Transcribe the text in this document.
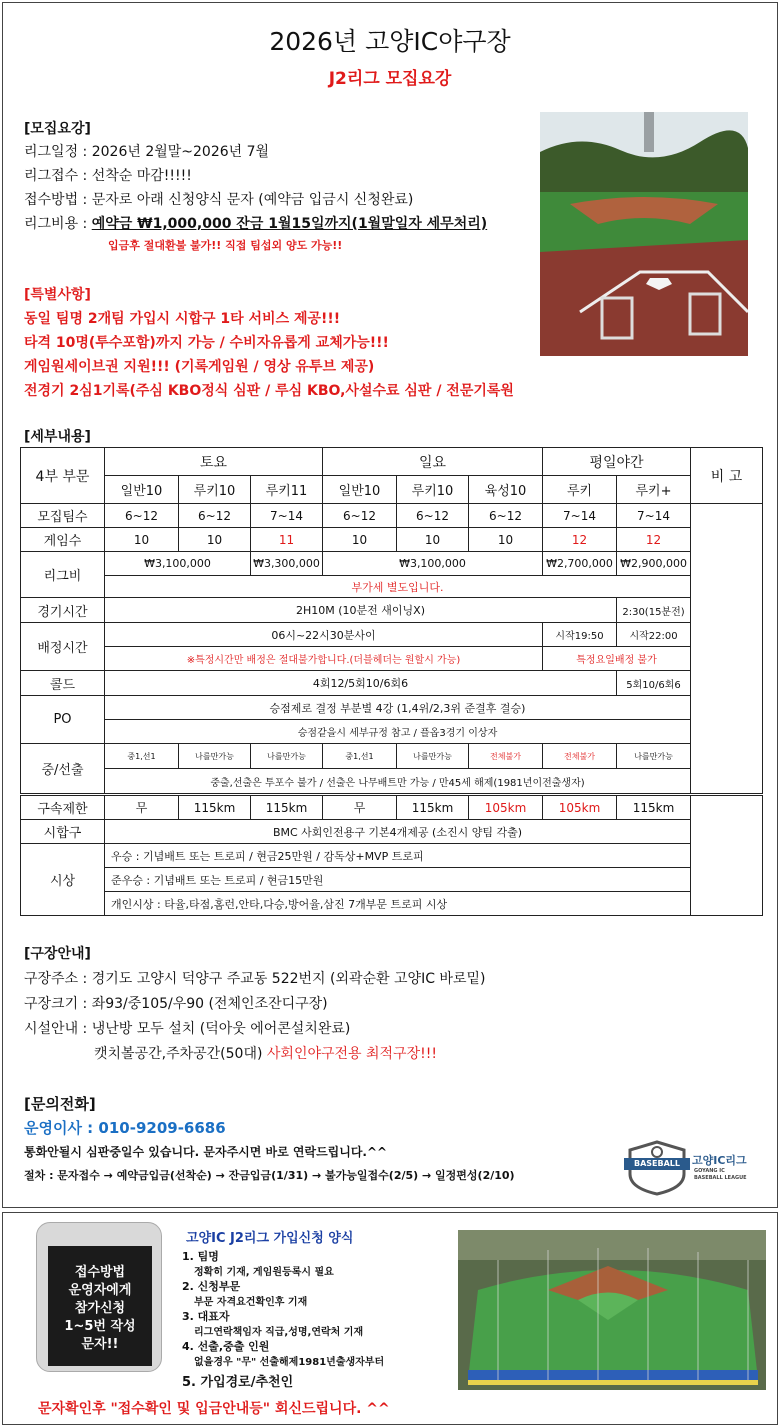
2026년 고양IC야구장
J2리그 모집요강
[모집요강]
리그일정 : 2026년 2월말~2026년 7월
리그접수 : 선착순 마감!!!!!
접수방법 : 문자로 아래 신청양식 문자 (예약금 입금시 신청완료)
리그비용 : 예약금 ₩1,000,000 잔금 1월15일까지(1월말일자 세무처리)
입금후 절대환불 불가!! 직접 팀섭외 양도 가능!!
[특별사항]
동일 팀명 2개팀 가입시 시합구 1타 서비스 제공!!!
타격 10명(투수포함)까지 가능 / 수비자유롭게 교체가능!!!
게임원세이브권 지원!!! (기록게임원 / 영상 유투브 제공)
전경기 2심1기록(주심 KBO정식 심판 / 루심 KBO,사설수료 심판 / 전문기록원
[세부내용]
4부 부문	토요			일요			평일야간		비 고
	일반10	루키10	루키11	일반10	루키10	육성10	루키	루키+	
모집팀수	6~12	6~12	7~14	6~12	6~12	6~12	7~14	7~14	
게임수	10	10	11	10	10	10	12	12	
리그비	₩3,100,000		₩3,300,000	₩3,100,000			₩2,700,000	₩2,900,000	
	부가세 별도입니다.								
경기시간	2H10M (10분전 새이닝X)							2:30(15분전)	
배정시간	06시~22시30분사이						시작19:50	시작22:00	
	※특정시간만 배정은 절대불가합니다.(더블헤더는 원할시 가능)						특정요일배정 불가		
콜드	4회12/5회10/6회6							5회10/6회6	
PO	승점제로 결정 부분별 4강 (1,4위/2,3위 준결후 결승)								
	승점같을시 세부규정 참고 / 플옵3경기 이상자								
중/선출	중1,선1	나를만가능	나를만가능	중1,선1	나를만가능	전체불가	전체불가	나를만가능	
	중출,선출은 투포수 불가 / 선출은 나무배트만 가능 / 만45세 해제(1981년이전출생자)								
구속제한	무	115km	115km	무	115km	105km	105km	115km	
시합구	BMC 사회인전용구 기본4개제공 (소진시 양팀 각출)								
시상	우승 : 기념배트 또는 트로피 / 현금25만원 / 감독상+MVP 트로피								
	준우승 : 기념배트 또는 트로피 / 현금15만원								
	개인시상 : 타율,타점,홈런,안타,다승,방어율,삼진 7개부문 트로피 시상								
[구장안내]
구장주소 : 경기도 고양시 덕양구 주교동 522번지 (외곽순환 고양IC 바로밑)
구장크기 : 좌93/중105/우90 (전체인조잔디구장)
시설안내 : 냉난방 모두 설치 (덕아웃 에어콘설치완료)
캣치볼공간,주차공간(50대) 사회인야구전용 최적구장!!!
[문의전화]
운영이사 : 010-9209-6686
통화안될시 심판중일수 있습니다. 문자주시면 바로 연락드립니다.^^
절차 : 문자접수 → 예약금입금(선착순) → 잔금입금(1/31) → 불가능일접수(2/5) → 일정편성(2/10)
BASEBALL	고양IC리그
GOYANG IC
BASEBALL LEAGUE
접수방법
운영자에게
참가신청
1~5번 작성
문자!!
고양IC J2리그 가입신청 양식
1. 팀명
정확히 기재, 게임원등록시 필요
2. 신청부문
부문 자격요건확인후 기재
3. 대표자
리그연락책임자 직급,성명,연락처 기재
4. 선출,중출 인원
없을경우 "무" 선출해제1981년출생자부터
5. 가입경로/추천인
문자확인후 "접수확인 및 입금안내등" 회신드립니다. ^^
